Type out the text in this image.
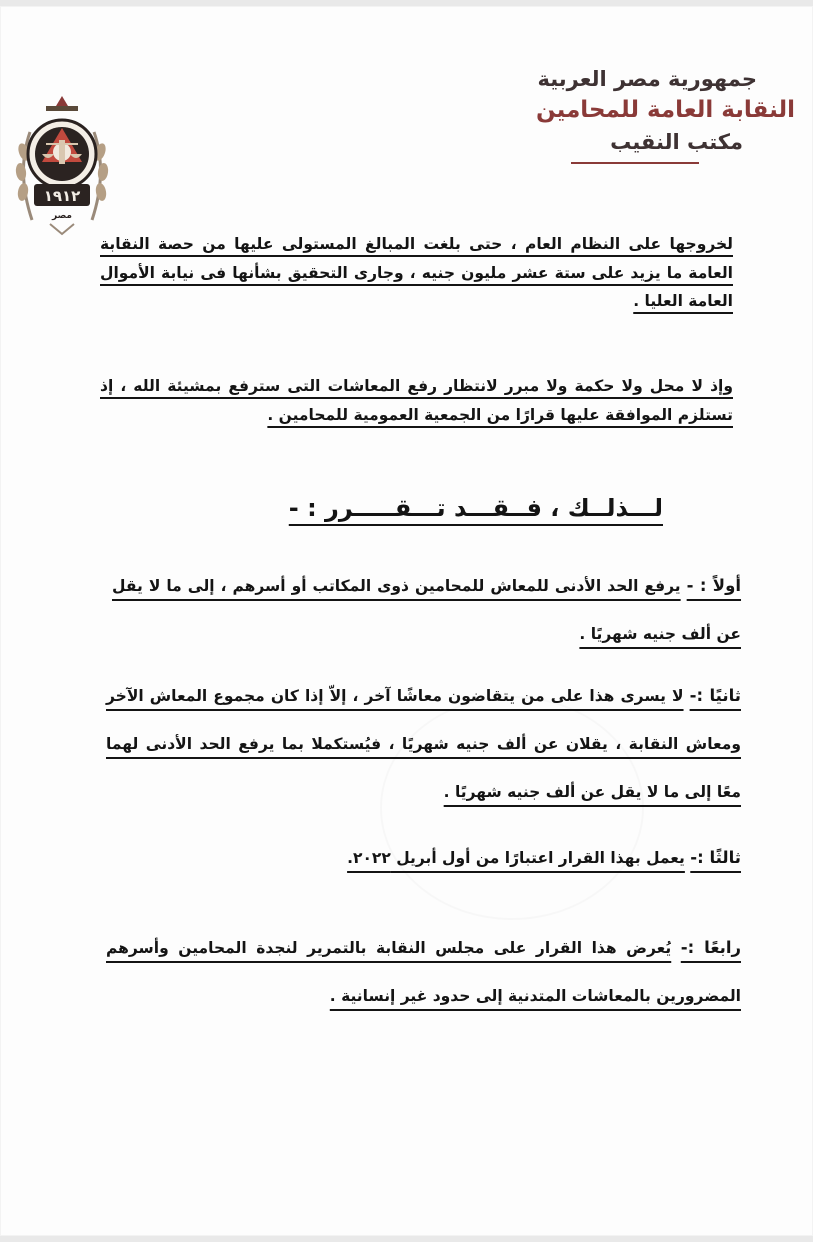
١٩١٢
مصر
جمهورية مصر العربية
النقابة العامة للمحامين
مكتب النقيب

لخروجها على النظام العام ، حتى بلغت المبالغ المستولى عليها من حصة النقابة العامة ما يزيد على ستة عشر مليون جنيه ، وجارى التحقيق بشأنها فى نيابة الأموال العامة العليا .

وإذ لا محل ولا حكمة ولا مبرر لانتظار رفع المعاشات التى سترفع بمشيئة الله ، إذ تستلزم الموافقة عليها قرارًا من الجمعية العمومية للمحامين .

لـــذلــك ، فــقـــد تـــقـــــرر : -
أولاً : - يرفع الحد الأدنى للمعاش للمحامين ذوى المكاتب أو أسرهم ، إلى ما لا يقل عن ألف جنيه شهريًا .
ثانيًا :- لا يسرى هذا على من يتقاضون معاشًا آخر ، إلاّ إذا كان مجموع المعاش الآخر ومعاش النقابة ، يقلان عن ألف جنيه شهريًا ، فيُستكملا بما يرفع الحد الأدنى لهما معًا إلى ما لا يقل عن ألف جنيه شهريًا .
ثالثًا :- يعمل بهذا القرار اعتبارًا من أول أبريل ٢٠٢٢.
رابعًا :- يُعرض هذا القرار على مجلس النقابة بالتمرير لنجدة المحامين وأسرهم المضرورين بالمعاشات المتدنية إلى حدود غير إنسانية .
